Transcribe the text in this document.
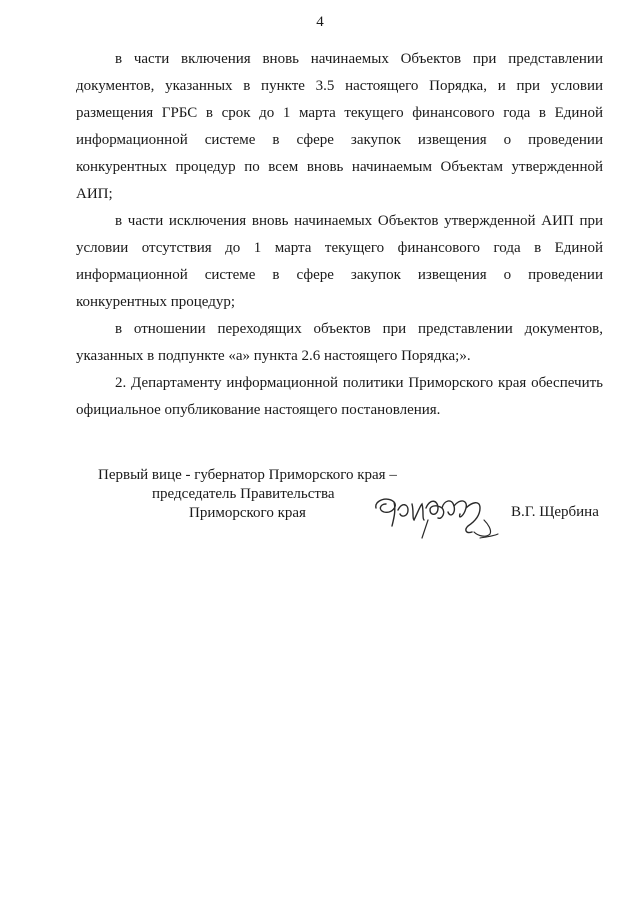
4

в части включения вновь начинаемых Объектов при представлении документов, указанных в пункте 3.5 настоящего Порядка, и при условии размещения ГРБС в срок до 1 марта текущего финансового года в Единой информационной системе в сфере закупок извещения о проведении конкурентных процедур по всем вновь начинаемым Объектам утвержденной АИП;

в части исключения вновь начинаемых Объектов утвержденной АИП при условии отсутствия до 1 марта текущего финансового года в Единой информационной системе в сфере закупок извещения о проведении конкурентных процедур;

в отношении переходящих объектов при представлении документов, указанных в подпункте «а» пункта 2.6 настоящего Порядка;».

2. Департаменту информационной политики Приморского края обеспечить официальное опубликование настоящего постановления.

Первый вице - губернатор Приморского края –
председатель Правительства
Приморского края	В.Г. Щербина
